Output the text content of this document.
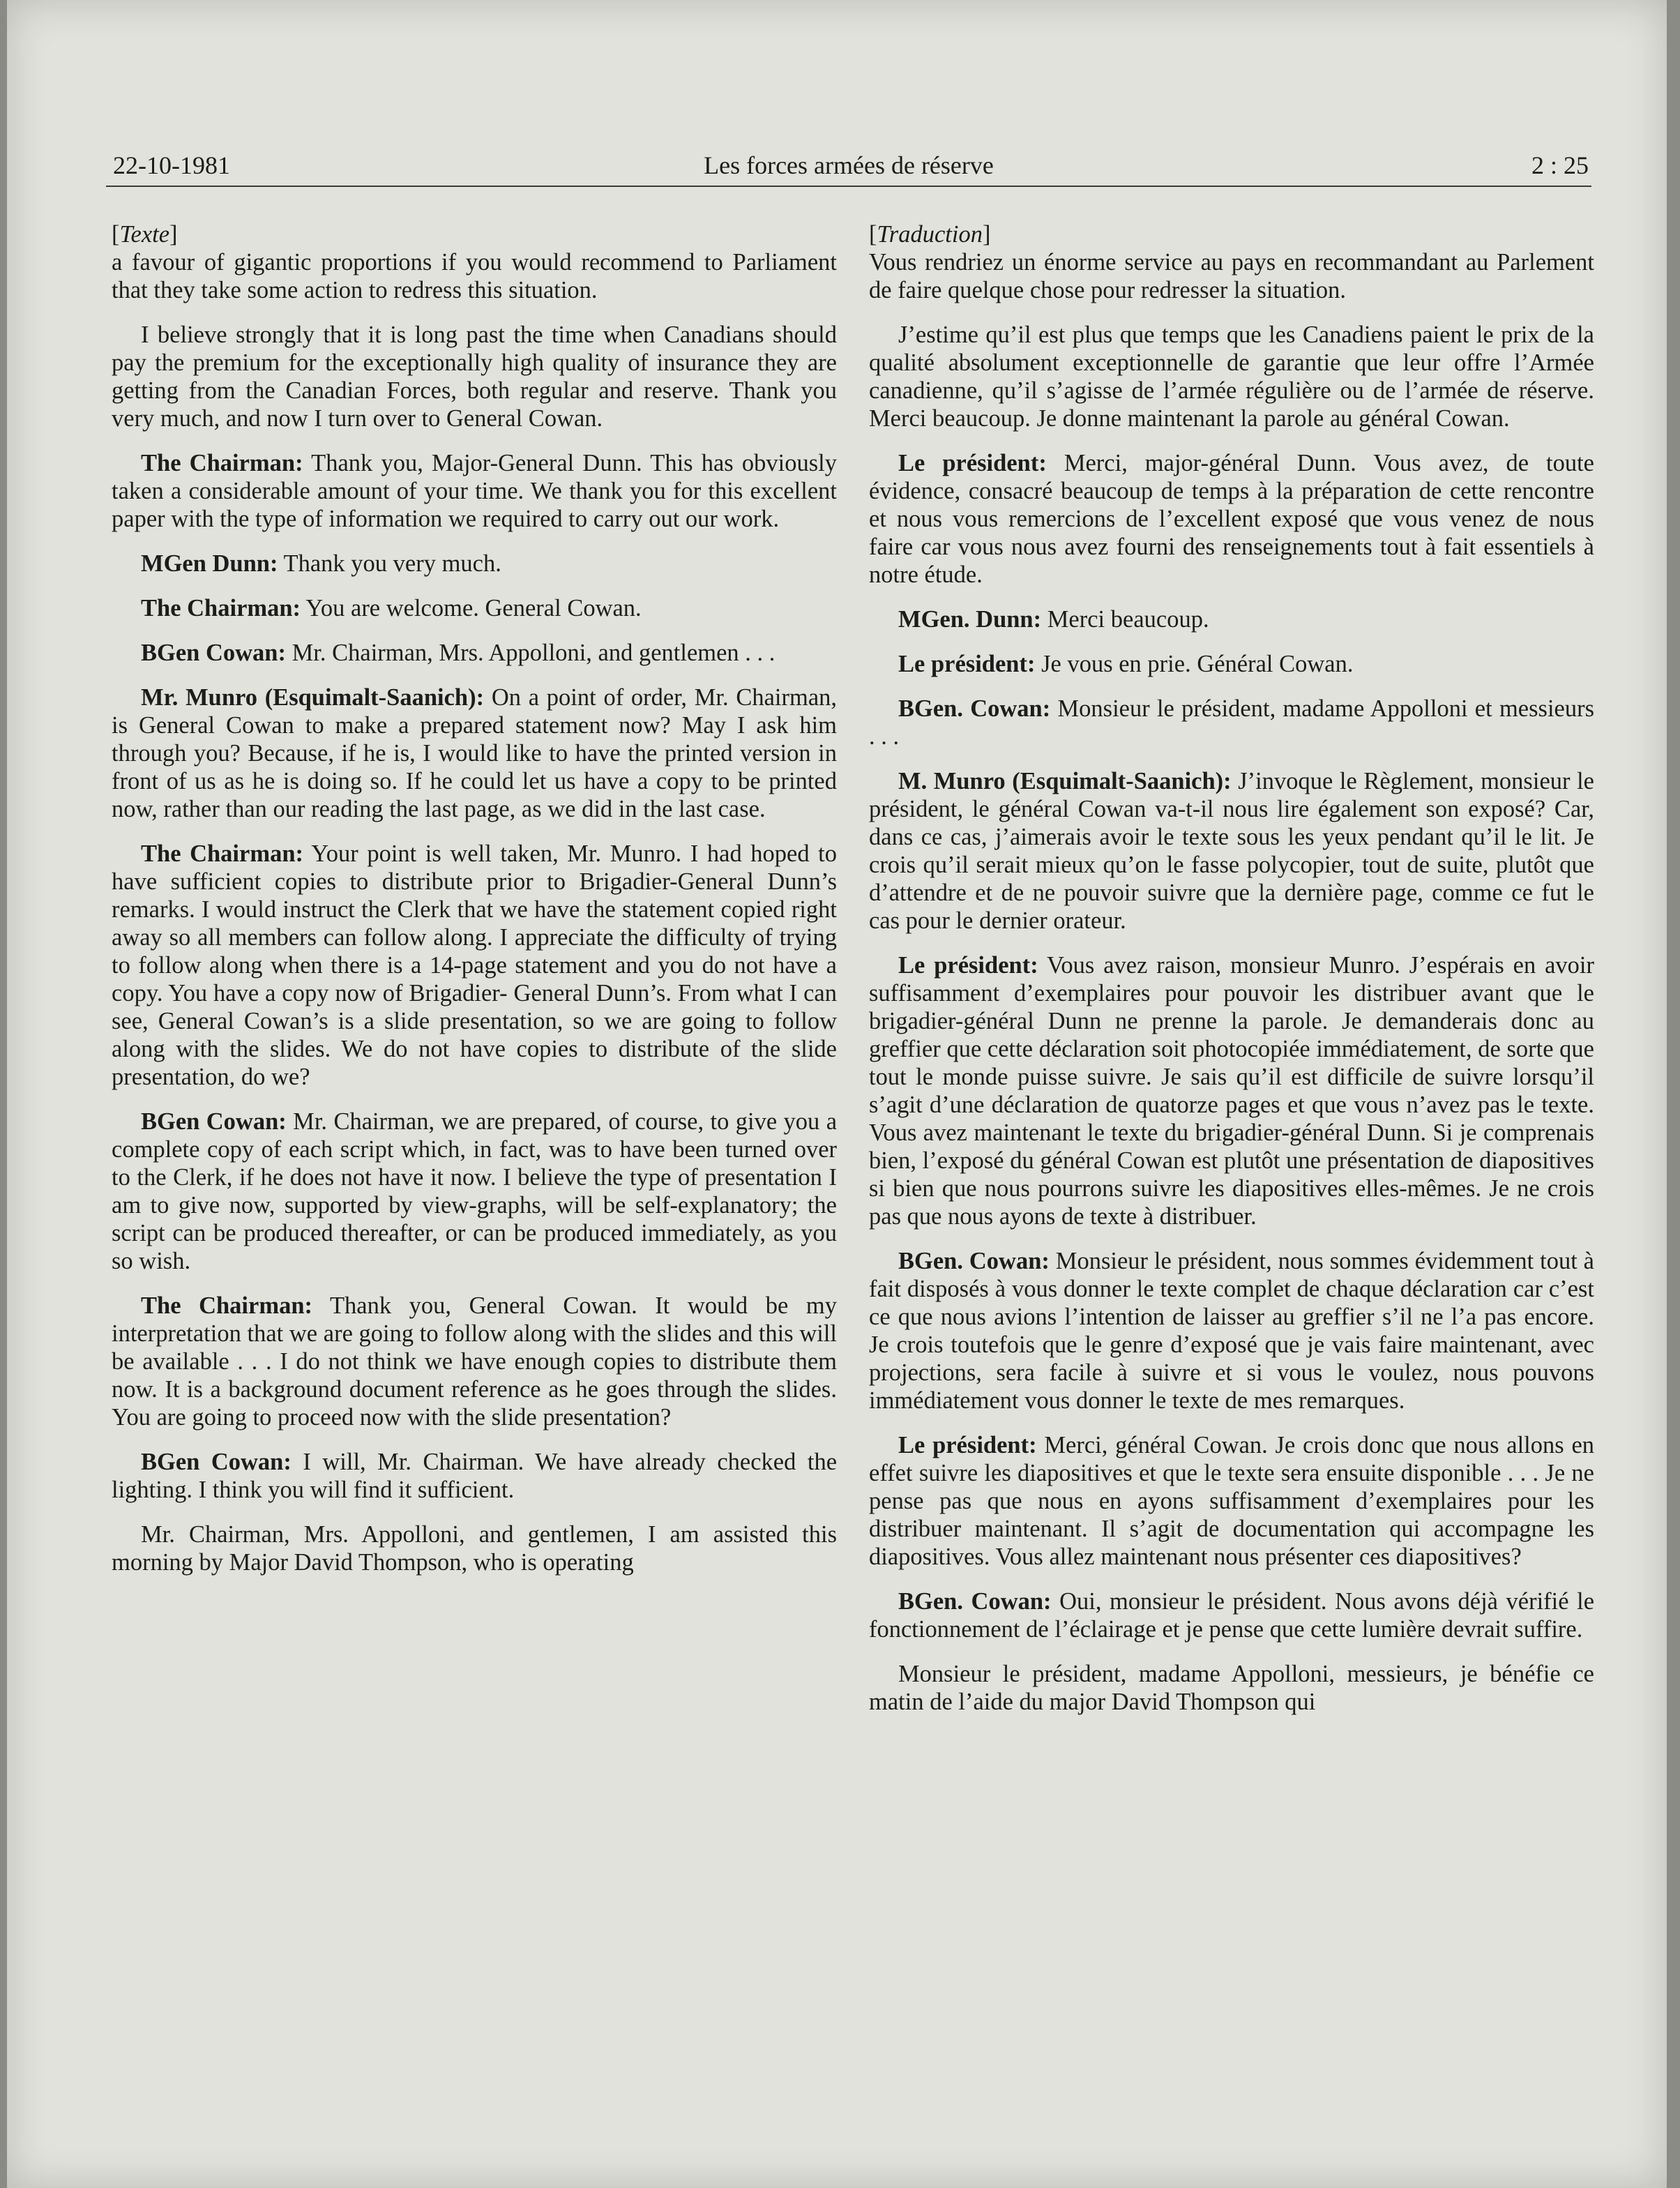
22-10-1981	Les forces armées de réserve	2 : 25

[Texte]

a favour of gigantic proportions if you would recommend to Parliament that they take some action to redress this situation.

I believe strongly that it is long past the time when Canadians should pay the premium for the exceptionally high quality of insurance they are getting from the Canadian Forces, both regular and reserve. Thank you very much, and now I turn over to General Cowan.

The Chairman: Thank you, Major-General Dunn. This has obviously taken a considerable amount of your time. We thank you for this excellent paper with the type of information we required to carry out our work.

MGen Dunn: Thank you very much.

The Chairman: You are welcome. General Cowan.

BGen Cowan: Mr. Chairman, Mrs. Appolloni, and gentlemen . . .

Mr. Munro (Esquimalt-Saanich): On a point of order, Mr. Chairman, is General Cowan to make a prepared statement now? May I ask him through you? Because, if he is, I would like to have the printed version in front of us as he is doing so. If he could let us have a copy to be printed now, rather than our reading the last page, as we did in the last case.

The Chairman: Your point is well taken, Mr. Munro. I had hoped to have sufficient copies to distribute prior to Brigadier-General Dunn’s remarks. I would instruct the Clerk that we have the statement copied right away so all members can follow along. I appreciate the difficulty of trying to follow along when there is a 14-page statement and you do not have a copy. You have a copy now of Brigadier- General Dunn’s. From what I can see, General Cowan’s is a slide presentation, so we are going to follow along with the slides. We do not have copies to distribute of the slide presentation, do we?

BGen Cowan: Mr. Chairman, we are prepared, of course, to give you a complete copy of each script which, in fact, was to have been turned over to the Clerk, if he does not have it now. I believe the type of presentation I am to give now, supported by view-graphs, will be self-explanatory; the script can be produced thereafter, or can be produced immediately, as you so wish.

The Chairman: Thank you, General Cowan. It would be my interpretation that we are going to follow along with the slides and this will be available . . . I do not think we have enough copies to distribute them now. It is a background document reference as he goes through the slides. You are going to proceed now with the slide presentation?

BGen Cowan: I will, Mr. Chairman. We have already checked the lighting. I think you will find it sufficient.

Mr. Chairman, Mrs. Appolloni, and gentlemen, I am assisted this morning by Major David Thompson, who is operating

[Traduction]

Vous rendriez un énorme service au pays en recommandant au Parlement de faire quelque chose pour redresser la situation.

J’estime qu’il est plus que temps que les Canadiens paient le prix de la qualité absolument exceptionnelle de garantie que leur offre l’Armée canadienne, qu’il s’agisse de l’armée régulière ou de l’armée de réserve. Merci beaucoup. Je donne maintenant la parole au général Cowan.

Le président: Merci, major-général Dunn. Vous avez, de toute évidence, consacré beaucoup de temps à la préparation de cette rencontre et nous vous remercions de l’excellent exposé que vous venez de nous faire car vous nous avez fourni des renseignements tout à fait essentiels à notre étude.

MGen. Dunn: Merci beaucoup.

Le président: Je vous en prie. Général Cowan.

BGen. Cowan: Monsieur le président, madame Appolloni et messieurs . . .

M. Munro (Esquimalt-Saanich): J’invoque le Règlement, monsieur le président, le général Cowan va-t-il nous lire également son exposé? Car, dans ce cas, j’aimerais avoir le texte sous les yeux pendant qu’il le lit. Je crois qu’il serait mieux qu’on le fasse polycopier, tout de suite, plutôt que d’attendre et de ne pouvoir suivre que la dernière page, comme ce fut le cas pour le dernier orateur.

Le président: Vous avez raison, monsieur Munro. J’espérais en avoir suffisamment d’exemplaires pour pouvoir les distribuer avant que le brigadier-général Dunn ne prenne la parole. Je demanderais donc au greffier que cette déclaration soit photocopiée immédiatement, de sorte que tout le monde puisse suivre. Je sais qu’il est difficile de suivre lorsqu’il s’agit d’une déclaration de quatorze pages et que vous n’avez pas le texte. Vous avez maintenant le texte du brigadier-général Dunn. Si je comprenais bien, l’exposé du général Cowan est plutôt une présentation de diapositives si bien que nous pourrons suivre les diapositives elles-mêmes. Je ne crois pas que nous ayons de texte à distribuer.

BGen. Cowan: Monsieur le président, nous sommes évidemment tout à fait disposés à vous donner le texte complet de chaque déclaration car c’est ce que nous avions l’intention de laisser au greffier s’il ne l’a pas encore. Je crois toutefois que le genre d’exposé que je vais faire maintenant, avec projections, sera facile à suivre et si vous le voulez, nous pouvons immédiatement vous donner le texte de mes remarques.

Le président: Merci, général Cowan. Je crois donc que nous allons en effet suivre les diapositives et que le texte sera ensuite disponible . . . Je ne pense pas que nous en ayons suffisamment d’exemplaires pour les distribuer maintenant. Il s’agit de documentation qui accompagne les diapositives. Vous allez maintenant nous présenter ces diapositives?

BGen. Cowan: Oui, monsieur le président. Nous avons déjà vérifié le fonctionnement de l’éclairage et je pense que cette lumière devrait suffire.

Monsieur le président, madame Appolloni, messieurs, je bénéfie ce matin de l’aide du major David Thompson qui
